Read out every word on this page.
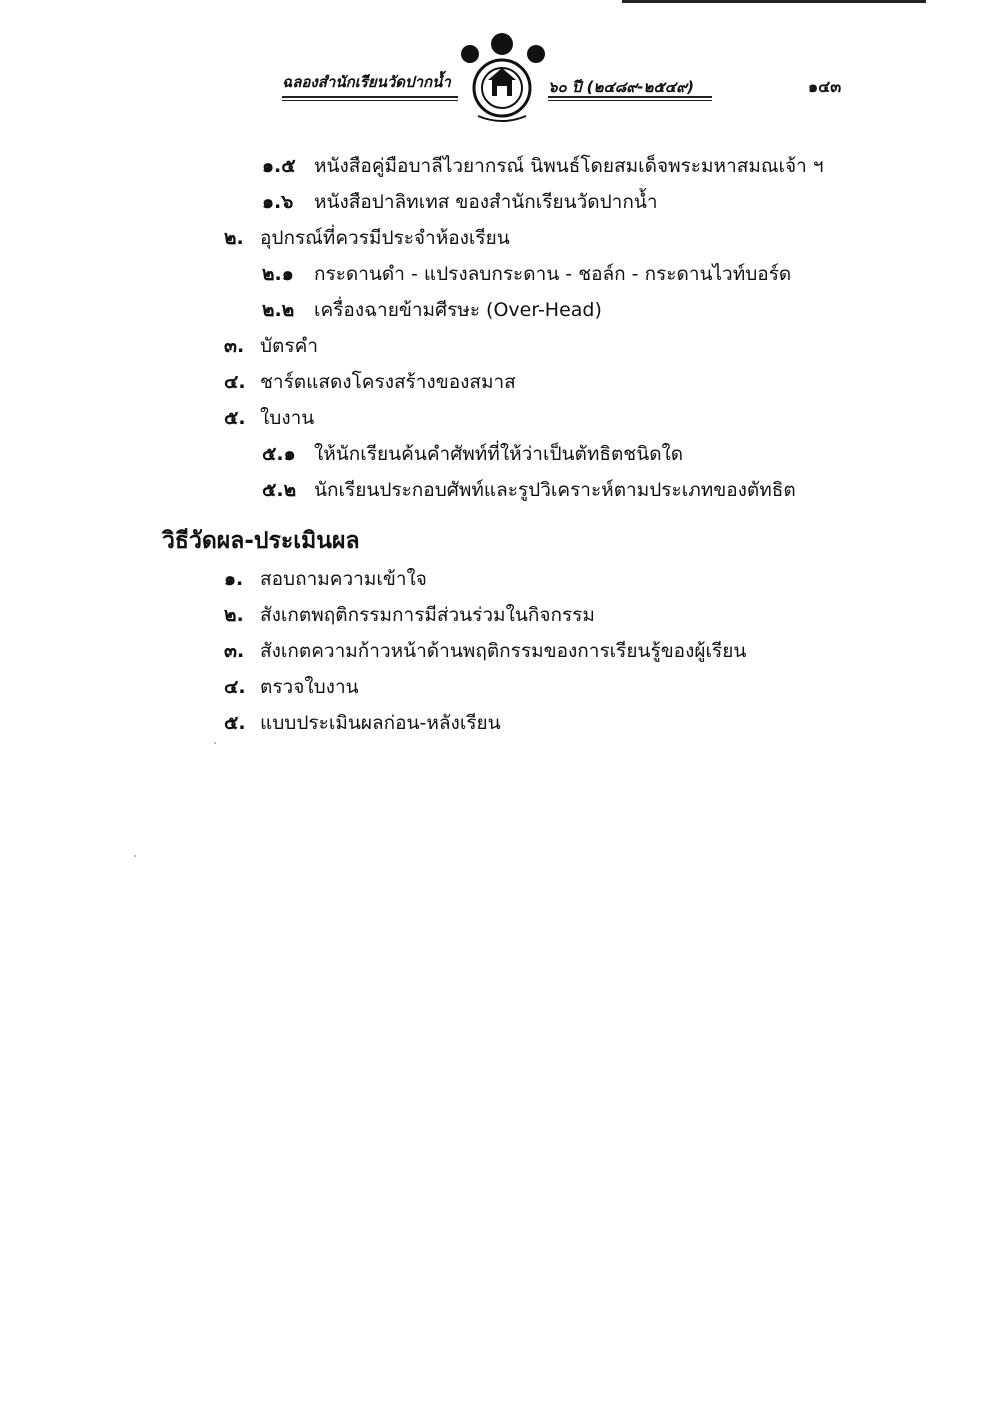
ฉลองสำนักเรียนวัดปากน้ำ	๖๐ ปี (๒๔๘๙-๒๕๔๙)	๑๔๓
๑.๕ หนังสือคู่มือบาลีไวยากรณ์ นิพนธ์โดยสมเด็จพระมหาสมณเจ้า ฯ
๑.๖ หนังสือปาลิทเทส ของสำนักเรียนวัดปากน้ำ
๒. อุปกรณ์ที่ควรมีประจำห้องเรียน
๒.๑ กระดานดำ - แปรงลบกระดาน - ชอล์ก - กระดานไวท์บอร์ด
๒.๒ เครื่องฉายข้ามศีรษะ (Over-Head)
๓. บัตรคำ
๔. ชาร์ตแสดงโครงสร้างของสมาส
๕. ใบงาน
๕.๑ ให้นักเรียนค้นคำศัพท์ที่ให้ว่าเป็นตัทธิตชนิดใด
๕.๒ นักเรียนประกอบศัพท์และรูปวิเคราะห์ตามประเภทของตัทธิต
วิธีวัดผล-ประเมินผล
๑. สอบถามความเข้าใจ
๒. สังเกตพฤติกรรมการมีส่วนร่วมในกิจกรรม
๓. สังเกตความก้าวหน้าด้านพฤติกรรมของการเรียนรู้ของผู้เรียน
๔. ตรวจใบงาน
๕. แบบประเมินผลก่อน-หลังเรียน
